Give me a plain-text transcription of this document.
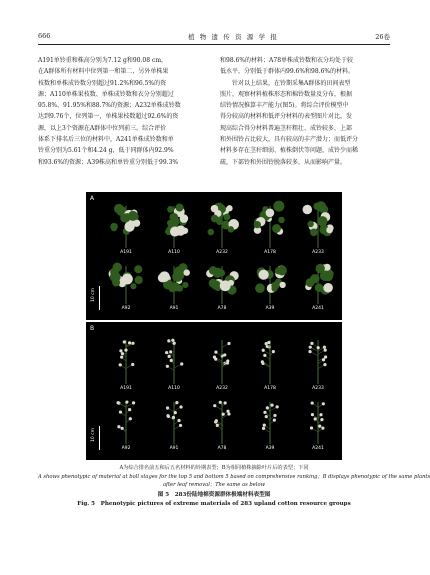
666	植 物 遗 传 资 源 学 报	26卷
A191单铃重和株高分别为7.12 g和90.08 cm，
在A群体所有材料中位列第一和第二，另外单株果
枝数和单株成铃数分别超过91.2%和96.5%的资
源；A110单株果枝数、单株成铃数和衣分分别超过
95.8%、91.95%和88.7%的资源；A232单株成铃数
达到9.76个，位列第一，单株果枝数超过92.6%的资
源，以上3个资源在A群体中位列前三。综合评价
体系下排名后三位的材料中，A241单株成铃数和单
铃重分别为5.61个和4.24 g，低于同群体内92.9%
和93.6%的资源；A39株高和单铃重分别低于99.3%
和98.6%的材料；A78单株成铃数和衣分均处于较
低水平，分别低于群体内99.6%和98.6%的材料。
针对以上结果，在铃期采集A群体的田间表型
照片，观察材料植株形态和棉铃数量及分布，根据
结铃情况推算丰产能力(图5)。将综合评价模型中
得分较高的材料和低评分材料的表型图片对比，发
现高综合得分材料普遍茎秆粗壮、成铃较多，上部
和外围铃占比较大，具有较高的丰产潜力；而低评分
材料多存在茎秆细弱、植株倒伏等问题，成铃少而稀
疏，下部铃和外围铃脱落较多，从而影响产量。
A
10 cm
A191	A110	A232	A178	A233
A92	A91	A78	A39	A241
B
10 cm
A191	A110	A232	A178	A233
A92	A91	A78	A39	A241
A为综合排名前五和后五名材料的铃期表型；B为相同植株摘除叶片后的表型；下同
A shows phenotypic of material at boll stages for the top 5 and bottom 5 based on comprehensive ranking；B displays phenotypic of the same plants
after leaf removal；The same as below
图 5　283份陆地棉资源群体极端材料表型图
Fig. 5　Phenotypic pictures of extreme materials of 283 upland cotton resource groups
